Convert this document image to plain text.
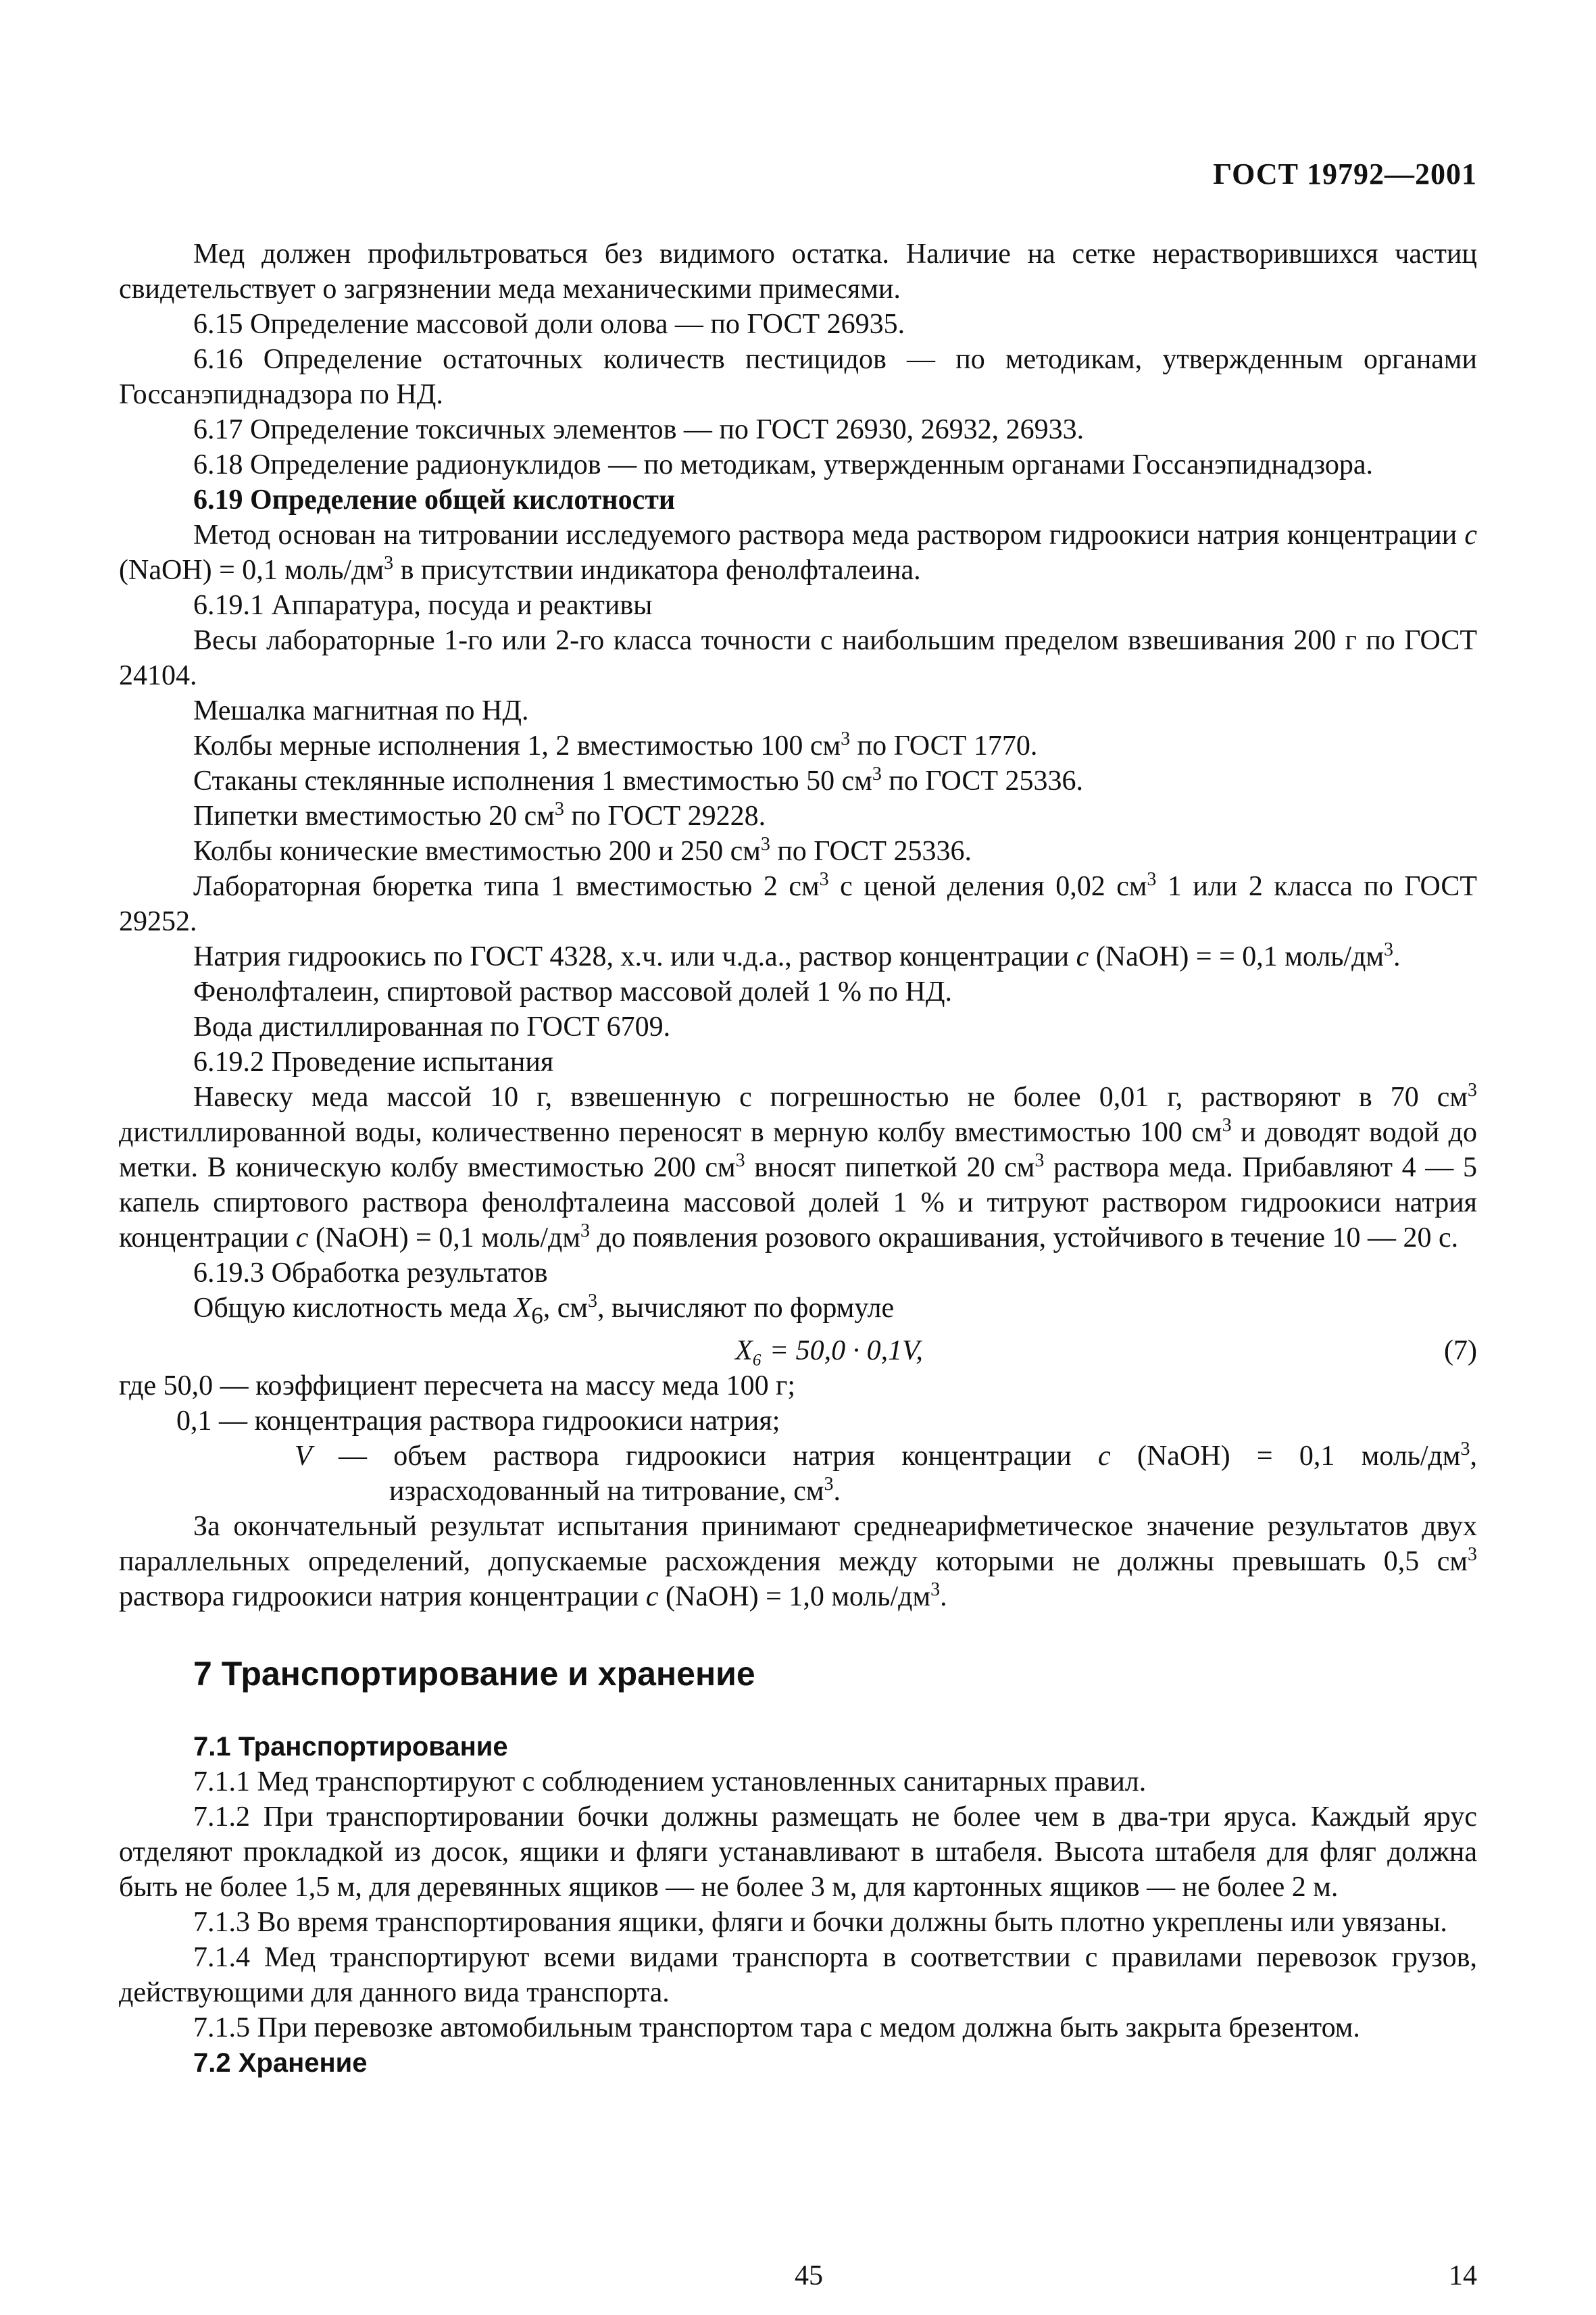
ГОСТ 19792—2001

Мед должен профильтроваться без видимого остатка. Наличие на сетке нерастворившихся частиц свидетельствует о загрязнении меда механическими примесями.

6.15 Определение массовой доли олова — по ГОСТ 26935.

6.16 Определение остаточных количеств пестицидов — по методикам, утвержденным органами Госсанэпиднадзора по НД.

6.17 Определение токсичных элементов — по ГОСТ 26930, 26932, 26933.

6.18 Определение радионуклидов — по методикам, утвержденным органами Госсанэпиднадзора.

6.19 Определение общей кислотности

Метод основан на титровании исследуемого раствора меда раствором гидроокиси натрия концентрации c (NaOH) = 0,1 моль/$дм^3$ в присутствии индикатора фенолфталеина.

6.19.1 Аппаратура, посуда и реактивы

Весы лабораторные 1-го или 2-го класса точности с наибольшим пределом взвешивания 200 г по ГОСТ 24104.

Мешалка магнитная по НД.

Колбы мерные исполнения 1, 2 вместимостью 100 $см^3$ по ГОСТ 1770.

Стаканы стеклянные исполнения 1 вместимостью 50 $см^3$ по ГОСТ 25336.

Пипетки вместимостью 20 $см^3$ по ГОСТ 29228.

Колбы конические вместимостью 200 и 250 $см^3$ по ГОСТ 25336.

Лабораторная бюретка типа 1 вместимостью 2 $см^3$ с ценой деления 0,02 $см^3$ 1 или 2 класса по ГОСТ 29252.

Натрия гидроокись по ГОСТ 4328, х.ч. или ч.д.а., раствор концентрации c (NaOH) = = 0,1 моль/$дм^3$.

Фенолфталеин, спиртовой раствор массовой долей 1 % по НД.

Вода дистиллированная по ГОСТ 6709.

6.19.2 Проведение испытания

Навеску меда массой 10 г, взвешенную с погрешностью не более 0,01 г, растворяют в 70 $см^3$ дистиллированной воды, количественно переносят в мерную колбу вместимостью 100 $см^3$ и доводят водой до метки. В коническую колбу вместимостью 200 $см^3$ вносят пипеткой 20 $см^3$ раствора меда. Прибавляют 4 — 5 капель спиртового раствора фенолфталеина массовой долей 1 % и титруют раствором гидроокиси натрия концентрации c (NaOH) = 0,1 моль/$дм^3$ до появления розового окрашивания, устойчивого в течение 10 — 20 с.

6.19.3 Обработка результатов

Общую кислотность меда $X_6$, $см^3$, вычисляют по формуле

X₆ = 50,0 · 0,1V,	(7)

где 50,0 — коэффициент пересчета на массу меда 100 г;

0,1 — концентрация раствора гидроокиси натрия;

V — объем раствора гидроокиси натрия концентрации c (NaOH) = 0,1 моль/$дм^3$, израсходованный на титрование, $см^3$.

За окончательный результат испытания принимают среднеарифметическое значение результатов двух параллельных определений, допускаемые расхождения между которыми не должны превышать 0,5 $см^3$ раствора гидроокиси натрия концентрации c (NaOH) = 1,0 моль/$дм^3$.

7 Транспортирование и хранение

7.1 Транспортирование

7.1.1 Мед транспортируют с соблюдением установленных санитарных правил.

7.1.2 При транспортировании бочки должны размещать не более чем в два-три яруса. Каждый ярус отделяют прокладкой из досок, ящики и фляги устанавливают в штабеля. Высота штабеля для фляг должна быть не более 1,5 м, для деревянных ящиков — не более 3 м, для картонных ящиков — не более 2 м.

7.1.3 Во время транспортирования ящики, фляги и бочки должны быть плотно укреплены или увязаны.

7.1.4 Мед транспортируют всеми видами транспорта в соответствии с правилами перевозок грузов, действующими для данного вида транспорта.

7.1.5 При перевозке автомобильным транспортом тара с медом должна быть закрыта брезентом.

7.2 Хранение

45	14
